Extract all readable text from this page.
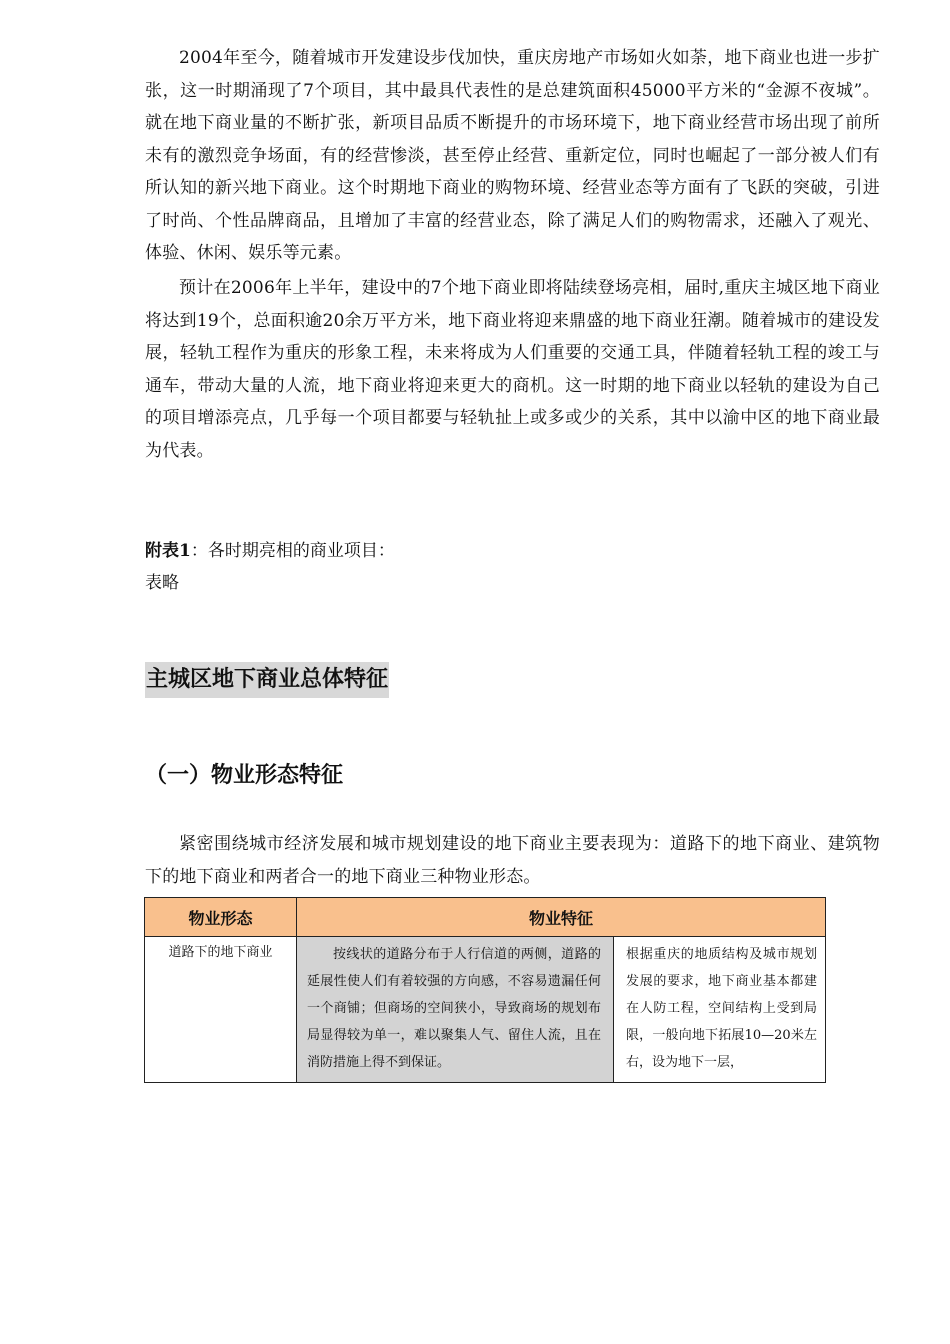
2004年至今，随着城市开发建设步伐加快，重庆房地产市场如火如荼，地下商业也进一步扩张，这一时期涌现了7个项目，其中最具代表性的是总建筑面积45000平方米的“金源不夜城”。就在地下商业量的不断扩张，新项目品质不断提升的市场环境下，地下商业经营市场出现了前所未有的激烈竞争场面，有的经营惨淡，甚至停止经营、重新定位，同时也崛起了一部分被人们有所认知的新兴地下商业。这个时期地下商业的购物环境、经营业态等方面有了飞跃的突破，引进了时尚、个性品牌商品，且增加了丰富的经营业态，除了满足人们的购物需求，还融入了观光、体验、休闲、娱乐等元素。

预计在2006年上半年，建设中的7个地下商业即将陆续登场亮相，届时,重庆主城区地下商业将达到19个，总面积逾20余万平方米，地下商业将迎来鼎盛的地下商业狂潮。随着城市的建设发展，轻轨工程作为重庆的形象工程，未来将成为人们重要的交通工具，伴随着轻轨工程的竣工与通车，带动大量的人流，地下商业将迎来更大的商机。这一时期的地下商业以轻轨的建设为自己的项目增添亮点，几乎每一个项目都要与轻轨扯上或多或少的关系，其中以渝中区的地下商业最为代表。

附表1：各时期亮相的商业项目：

表略

主城区地下商业总体特征
（一）物业形态特征

紧密围绕城市经济发展和城市规划建设的地下商业主要表现为：道路下的地下商业、建筑物下的地下商业和两者合一的地下商业三种物业形态。

物业形态	物业特征	
道路下的地下商业	按线状的道路分布于人行信道的两侧，道路的延展性使人们有着较强的方向感，不容易遗漏任何一个商铺；但商场的空间狭小，导致商场的规划布局显得较为单一，难以聚集人气、留住人流，且在消防措施上得不到保证。	根据重庆的地质结构及城市规划发展的要求，地下商业基本都建在人防工程，空间结构上受到局限，一般向地下拓展10—20米左右，设为地下一层，
